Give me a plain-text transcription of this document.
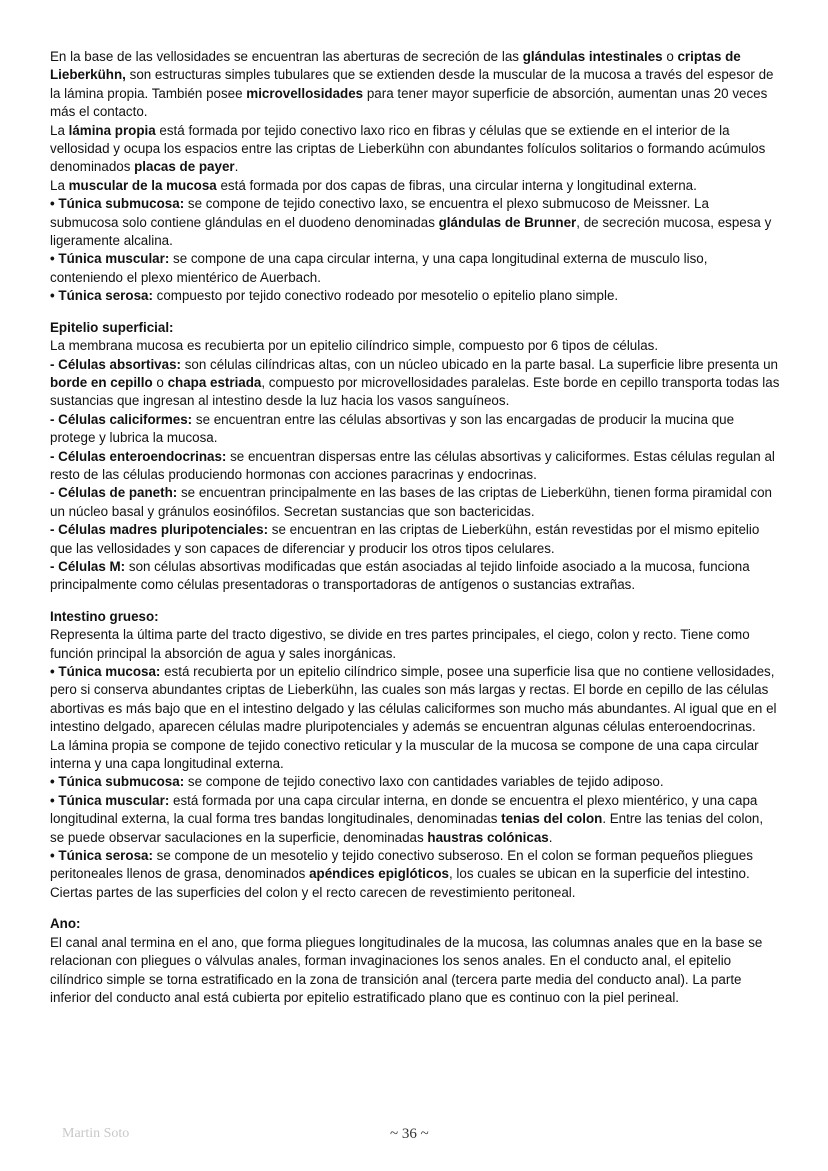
En la base de las vellosidades se encuentran las aberturas de secreción de las glándulas intestinales o criptas de Lieberkühn, son estructuras simples tubulares que se extienden desde la muscular de la mucosa a través del espesor de la lámina propia. También posee microvellosidades para tener mayor superficie de absorción, aumentan unas 20 veces más el contacto.

La lámina propia está formada por tejido conectivo laxo rico en fibras y células que se extiende en el interior de la vellosidad y ocupa los espacios entre las criptas de Lieberkühn con abundantes folículos solitarios o formando acúmulos denominados placas de payer.

La muscular de la mucosa está formada por dos capas de fibras, una circular interna y longitudinal externa.

• Túnica submucosa: se compone de tejido conectivo laxo, se encuentra el plexo submucoso de Meissner. La submucosa solo contiene glándulas en el duodeno denominadas glándulas de Brunner, de secreción mucosa, espesa y ligeramente alcalina.

• Túnica muscular: se compone de una capa circular interna, y una capa longitudinal externa de musculo liso, conteniendo el plexo mientérico de Auerbach.

• Túnica serosa: compuesto por tejido conectivo rodeado por mesotelio o epitelio plano simple.

Epitelio superficial:

La membrana mucosa es recubierta por un epitelio cilíndrico simple, compuesto por 6 tipos de células.

- Células absortivas: son células cilíndricas altas, con un núcleo ubicado en la parte basal. La superficie libre presenta un borde en cepillo o chapa estriada, compuesto por microvellosidades paralelas. Este borde en cepillo transporta todas las sustancias que ingresan al intestino desde la luz hacia los vasos sanguíneos.

- Células caliciformes: se encuentran entre las células absortivas y son las encargadas de producir la mucina que protege y lubrica la mucosa.

- Células enteroendocrinas: se encuentran dispersas entre las células absortivas y caliciformes. Estas células regulan al resto de las células produciendo hormonas con acciones paracrinas y endocrinas.

- Células de paneth: se encuentran principalmente en las bases de las criptas de Lieberkühn, tienen forma piramidal con un núcleo basal y gránulos eosinófilos. Secretan sustancias que son bactericidas.

- Células madres pluripotenciales: se encuentran en las criptas de Lieberkühn, están revestidas por el mismo epitelio que las vellosidades y son capaces de diferenciar y producir los otros tipos celulares.

- Células M: son células absortivas modificadas que están asociadas al tejido linfoide asociado a la mucosa, funciona principalmente como células presentadoras o transportadoras de antígenos o sustancias extrañas.

Intestino grueso:

Representa la última parte del tracto digestivo, se divide en tres partes principales, el ciego, colon y recto. Tiene como función principal la absorción de agua y sales inorgánicas.

• Túnica mucosa: está recubierta por un epitelio cilíndrico simple, posee una superficie lisa que no contiene vellosidades, pero si conserva abundantes criptas de Lieberkühn, las cuales son más largas y rectas. El borde en cepillo de las células abortivas es más bajo que en el intestino delgado y las células caliciformes son mucho más abundantes. Al igual que en el intestino delgado, aparecen células madre pluripotenciales y además se encuentran algunas células enteroendocrinas.

La lámina propia se compone de tejido conectivo reticular y la muscular de la mucosa se compone de una capa circular interna y una capa longitudinal externa.

• Túnica submucosa: se compone de tejido conectivo laxo con cantidades variables de tejido adiposo.

• Túnica muscular: está formada por una capa circular interna, en donde se encuentra el plexo mientérico, y una capa longitudinal externa, la cual forma tres bandas longitudinales, denominadas tenias del colon. Entre las tenias del colon, se puede observar saculaciones en la superficie, denominadas haustras colónicas.

• Túnica serosa: se compone de un mesotelio y tejido conectivo subseroso. En el colon se forman pequeños pliegues peritoneales llenos de grasa, denominados apéndices epiglóticos, los cuales se ubican en la superficie del intestino. Ciertas partes de las superficies del colon y el recto carecen de revestimiento peritoneal.

Ano:

El canal anal termina en el ano, que forma pliegues longitudinales de la mucosa, las columnas anales que en la base se relacionan con pliegues o válvulas anales, forman invaginaciones los senos anales. En el conducto anal, el epitelio cilíndrico simple se torna estratificado en la zona de transición anal (tercera parte media del conducto anal). La parte inferior del conducto anal está cubierta por epitelio estratificado plano que es continuo con la piel perineal.

Martin Soto	~ 36 ~
